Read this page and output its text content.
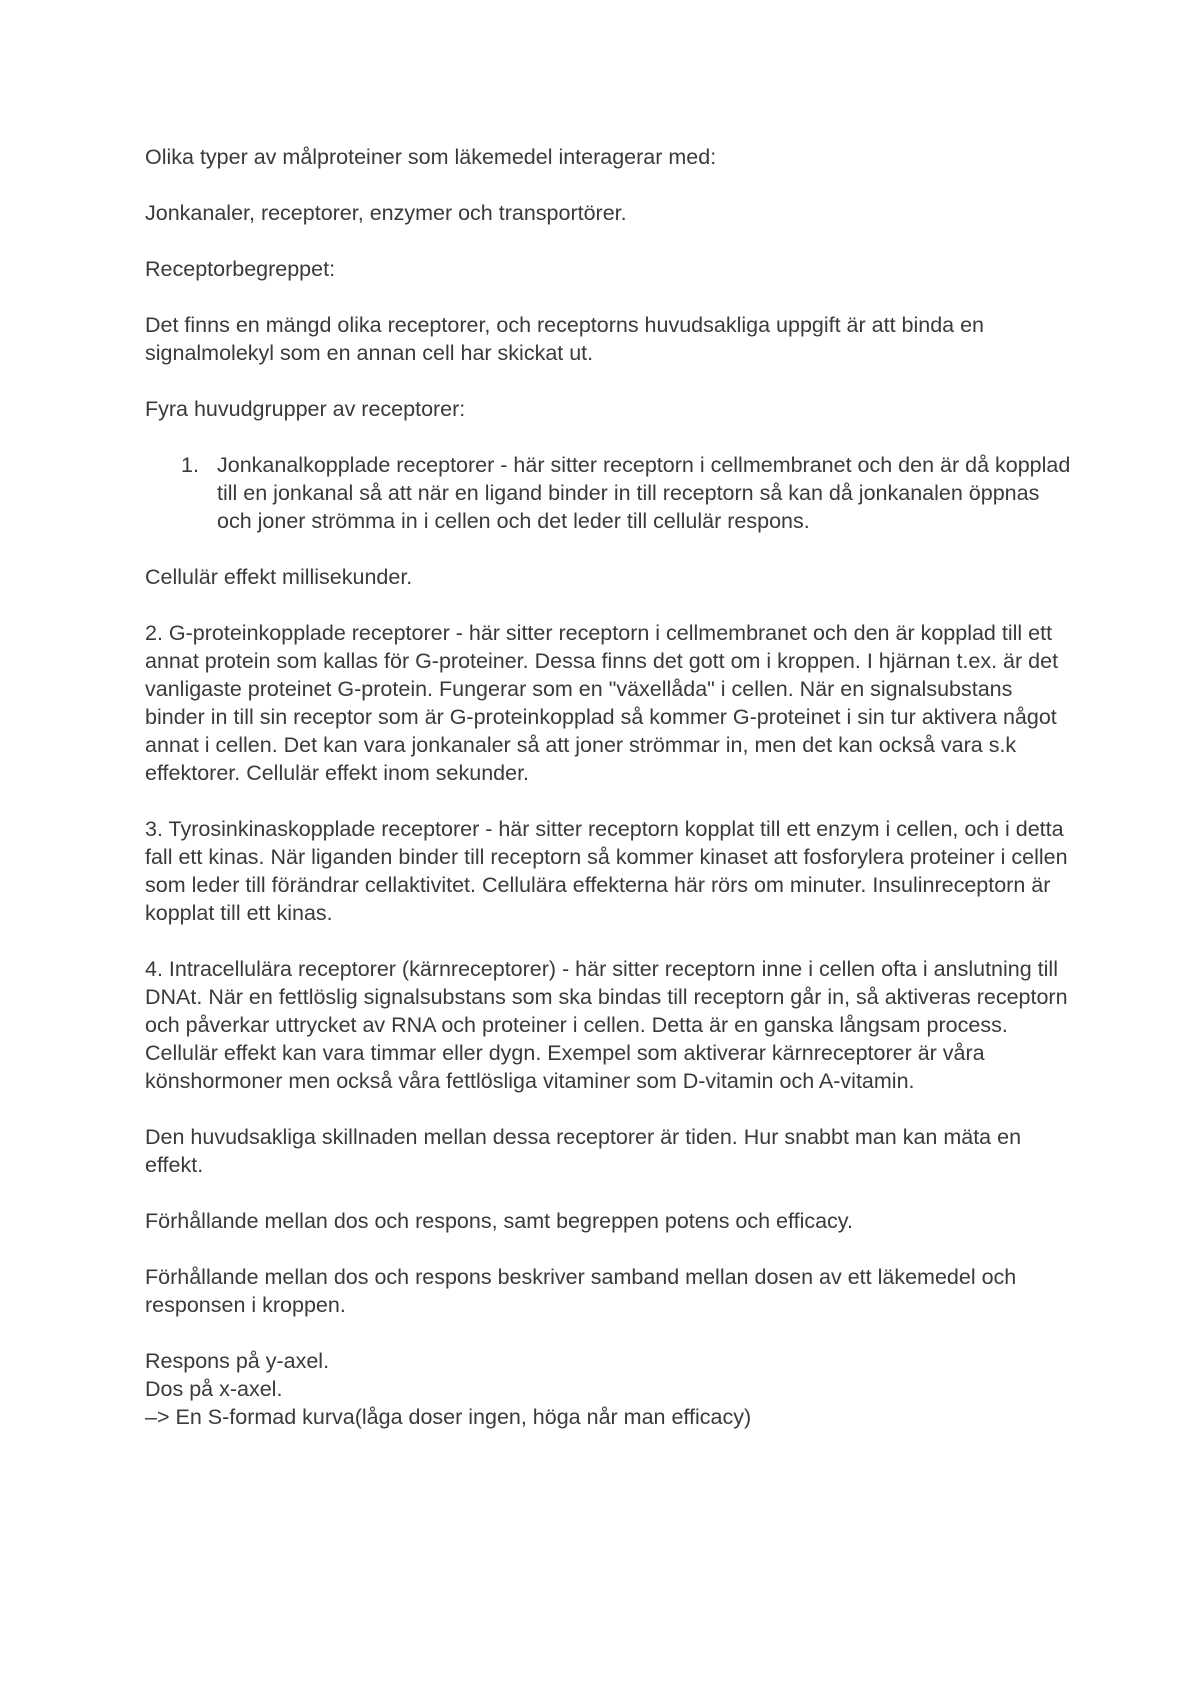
Olika typer av målproteiner som läkemedel interagerar med:

Jonkanaler, receptorer, enzymer och transportörer.

Receptorbegreppet:

Det finns en mängd olika receptorer, och receptorns huvudsakliga uppgift är att binda en signalmolekyl som en annan cell har skickat ut.

Fyra huvudgrupper av receptorer:

1. Jonkanalkopplade receptorer - här sitter receptorn i cellmembranet och den är då kopplad till en jonkanal så att när en ligand binder in till receptorn så kan då jonkanalen öppnas och joner strömma in i cellen och det leder till cellulär respons.

Cellulär effekt millisekunder.

2. G-proteinkopplade receptorer - här sitter receptorn i cellmembranet och den är kopplad till ett annat protein som kallas för G-proteiner. Dessa finns det gott om i kroppen. I hjärnan t.ex. är det vanligaste proteinet G-protein. Fungerar som en "växellåda" i cellen. När en signalsubstans binder in till sin receptor som är G-proteinkopplad så kommer G-proteinet i sin tur aktivera något annat i cellen. Det kan vara jonkanaler så att joner strömmar in, men det kan också vara s.k effektorer. Cellulär effekt inom sekunder.

3. Tyrosinkinaskopplade receptorer - här sitter receptorn kopplat till ett enzym i cellen, och i detta fall ett kinas. När liganden binder till receptorn så kommer kinaset att fosforylera proteiner i cellen som leder till förändrar cellaktivitet. Cellulära effekterna här rörs om minuter. Insulinreceptorn är kopplat till ett kinas.

4. Intracellulära receptorer (kärnreceptorer) - här sitter receptorn inne i cellen ofta i anslutning till DNAt. När en fettlöslig signalsubstans som ska bindas till receptorn går in, så aktiveras receptorn och påverkar uttrycket av RNA och proteiner i cellen. Detta är en ganska långsam process. Cellulär effekt kan vara timmar eller dygn. Exempel som aktiverar kärnreceptorer är våra könshormoner men också våra fettlösliga vitaminer som D-vitamin och A-vitamin.

Den huvudsakliga skillnaden mellan dessa receptorer är tiden. Hur snabbt man kan mäta en effekt.

Förhållande mellan dos och respons, samt begreppen potens och efficacy.

Förhållande mellan dos och respons beskriver samband mellan dosen av ett läkemedel och responsen i kroppen.

Respons på y-axel.

Dos på x-axel.

–> En S-formad kurva(låga doser ingen, höga når man efficacy)
